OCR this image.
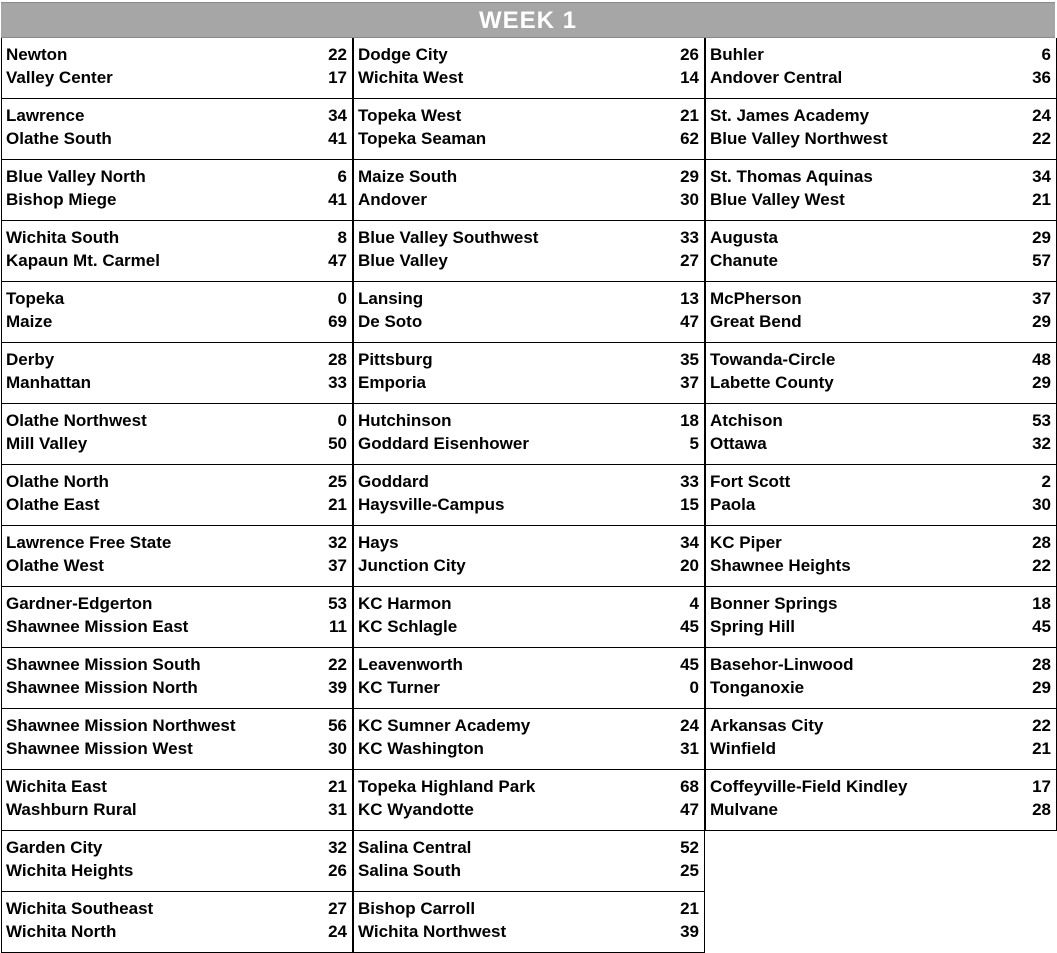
WEEK 1
Newton	22
Valley Center	17
Lawrence	34
Olathe South	41
Blue Valley North	6
Bishop Miege	41
Wichita South	8
Kapaun Mt. Carmel	47
Topeka	0
Maize	69
Derby	28
Manhattan	33
Olathe Northwest	0
Mill Valley	50
Olathe North	25
Olathe East	21
Lawrence Free State	32
Olathe West	37
Gardner-Edgerton	53
Shawnee Mission East	11
Shawnee Mission South	22
Shawnee Mission North	39
Shawnee Mission Northwest	56
Shawnee Mission West	30
Wichita East	21
Washburn Rural	31
Garden City	32
Wichita Heights	26
Wichita Southeast	27
Wichita North	24
Dodge City	26
Wichita West	14
Topeka West	21
Topeka Seaman	62
Maize South	29
Andover	30
Blue Valley Southwest	33
Blue Valley	27
Lansing	13
De Soto	47
Pittsburg	35
Emporia	37
Hutchinson	18
Goddard Eisenhower	5
Goddard	33
Haysville-Campus	15
Hays	34
Junction City	20
KC Harmon	4
KC Schlagle	45
Leavenworth	45
KC Turner	0
KC Sumner Academy	24
KC Washington	31
Topeka Highland Park	68
KC Wyandotte	47
Salina Central	52
Salina South	25
Bishop Carroll	21
Wichita Northwest	39
Buhler	6
Andover Central	36
St. James Academy	24
Blue Valley Northwest	22
St. Thomas Aquinas	34
Blue Valley West	21
Augusta	29
Chanute	57
McPherson	37
Great Bend	29
Towanda-Circle	48
Labette County	29
Atchison	53
Ottawa	32
Fort Scott	2
Paola	30
KC Piper	28
Shawnee Heights	22
Bonner Springs	18
Spring Hill	45
Basehor-Linwood	28
Tonganoxie	29
Arkansas City	22
Winfield	21
Coffeyville-Field Kindley	17
Mulvane	28
